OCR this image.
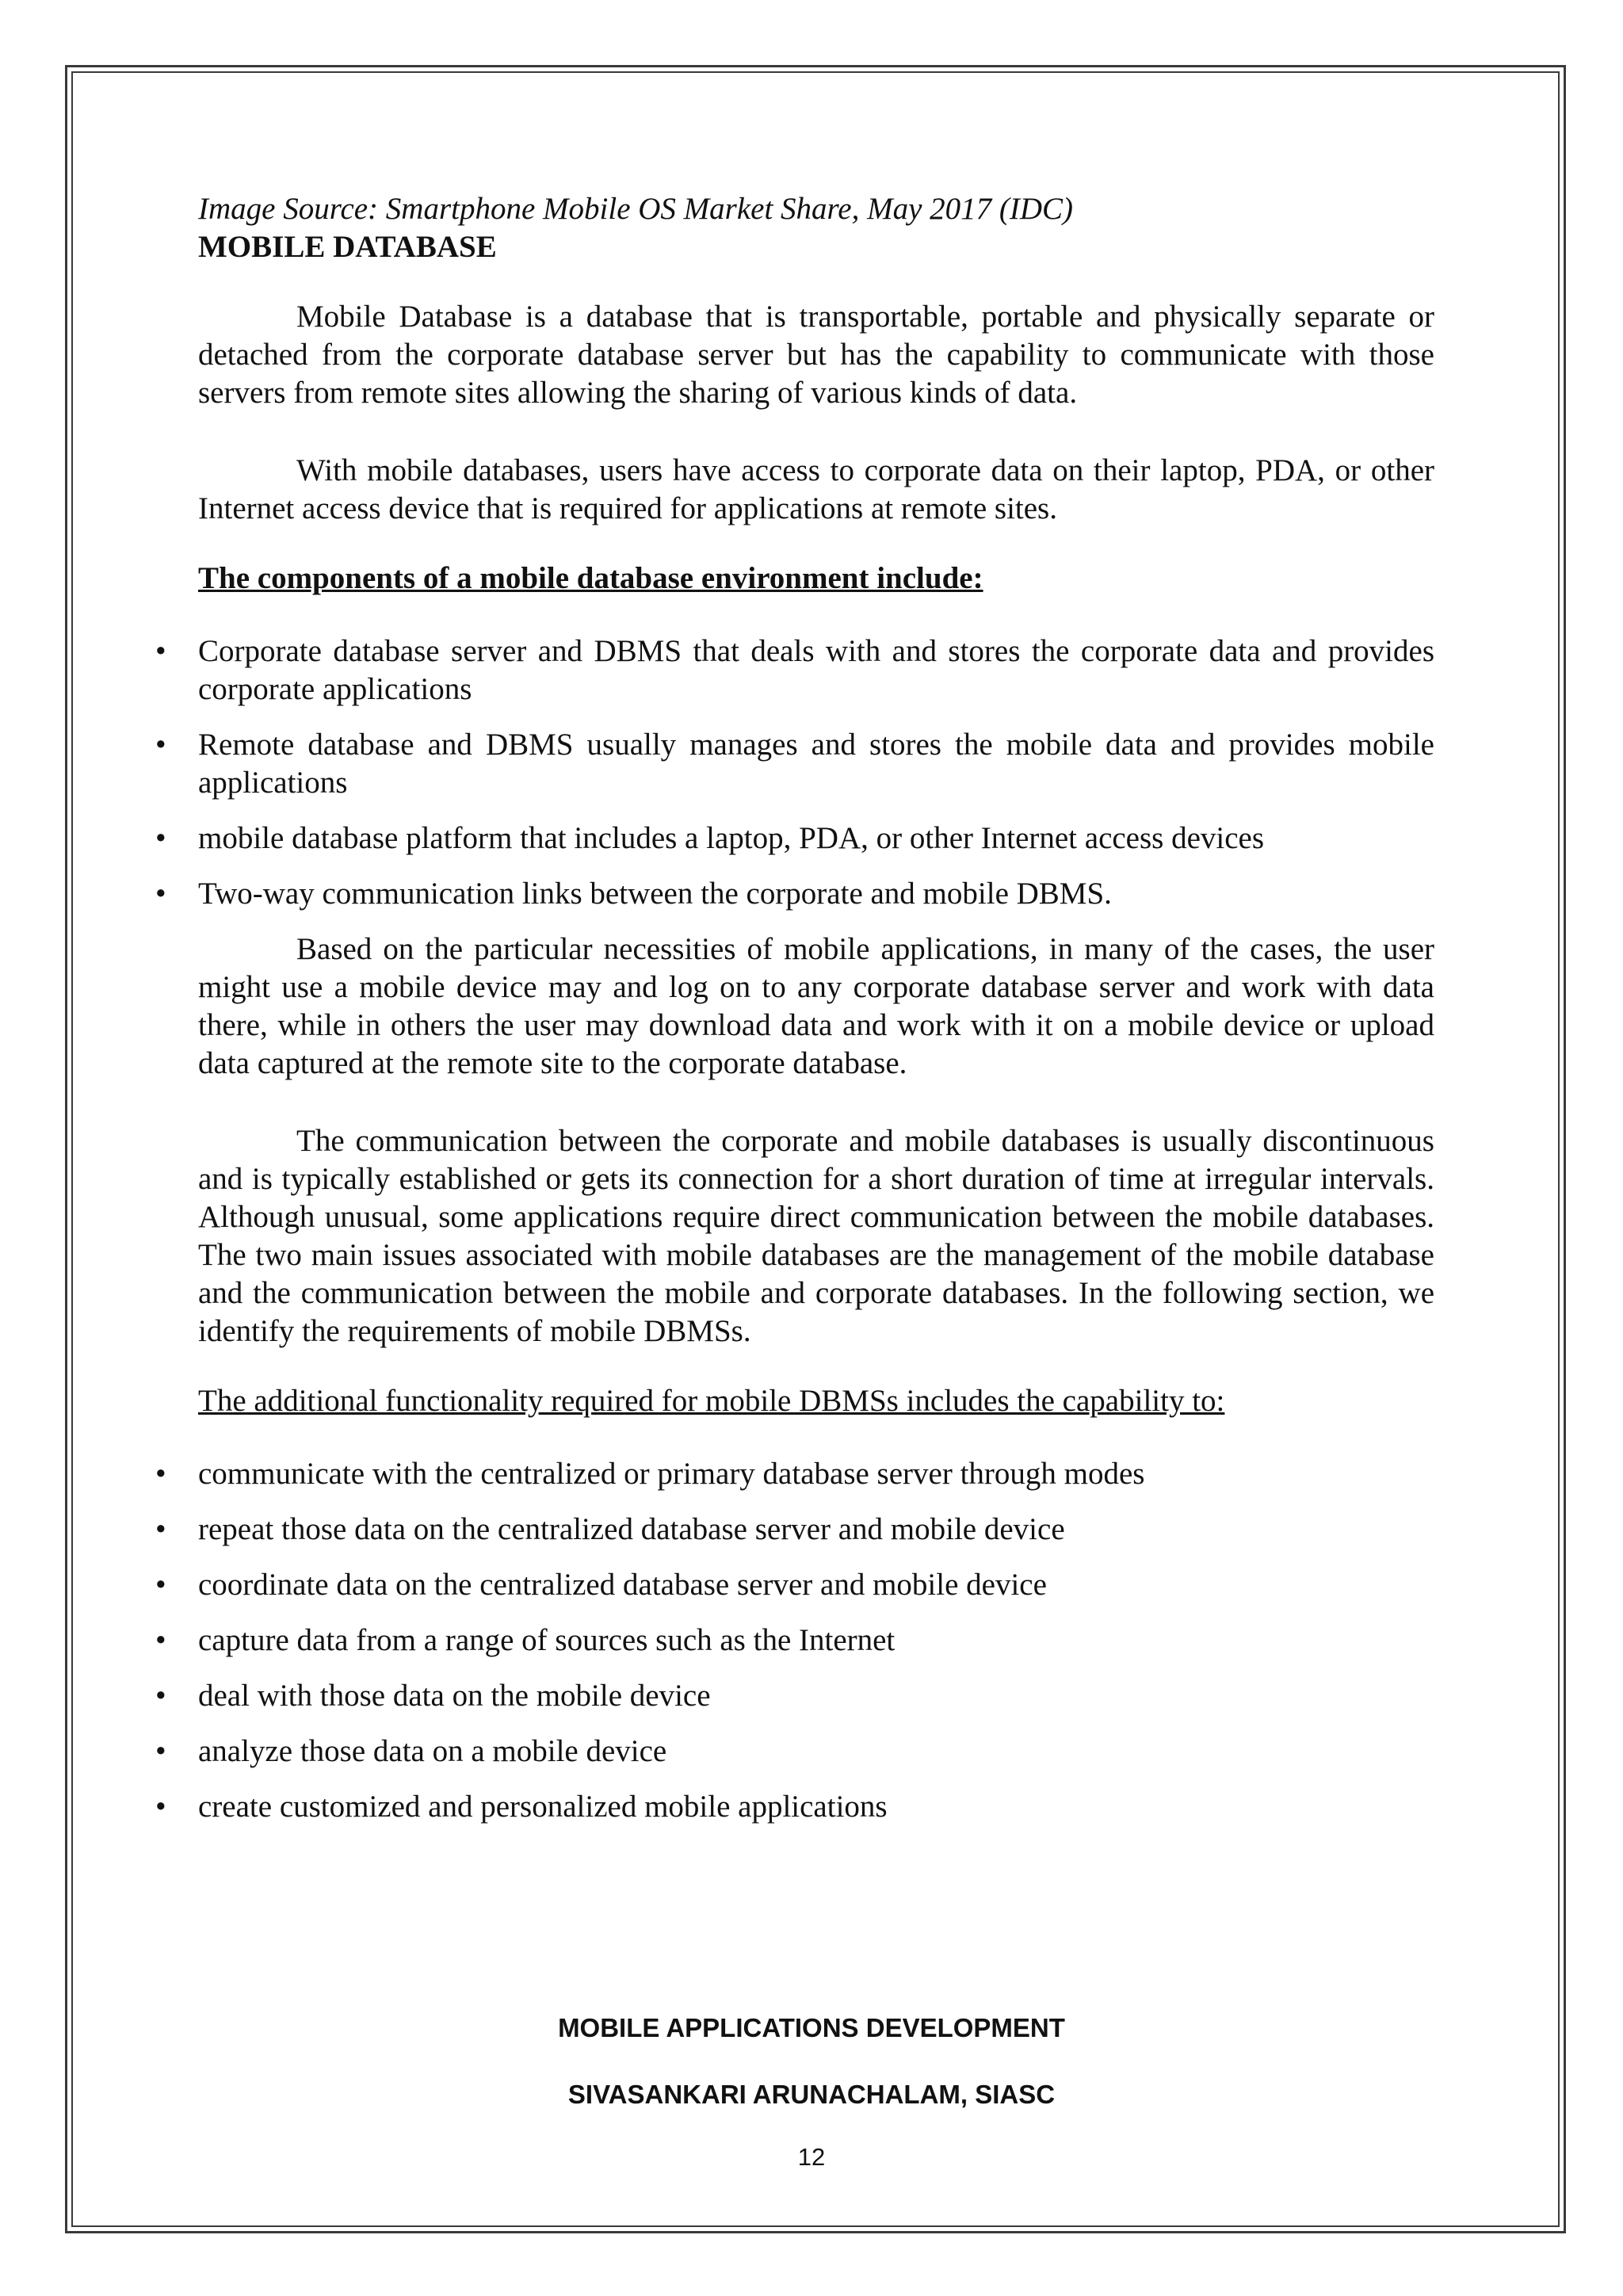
Image Source: Smartphone Mobile OS Market Share, May 2017 (IDC)

MOBILE DATABASE

Mobile Database is a database that is transportable, portable and physically separate or detached from the corporate database server but has the capability to communicate with those servers from remote sites allowing the sharing of various kinds of data.

With mobile databases, users have access to corporate data on their laptop, PDA, or other Internet access device that is required for applications at remote sites.

The components of a mobile database environment include:

• Corporate database server and DBMS that deals with and stores the corporate data and provides corporate applications
• Remote database and DBMS usually manages and stores the mobile data and provides mobile applications
• mobile database platform that includes a laptop, PDA, or other Internet access devices
• Two-way communication links between the corporate and mobile DBMS.

Based on the particular necessities of mobile applications, in many of the cases, the user might use a mobile device may and log on to any corporate database server and work with data there, while in others the user may download data and work with it on a mobile device or upload data captured at the remote site to the corporate database.

The communication between the corporate and mobile databases is usually discontinuous and is typically established or gets its connection for a short duration of time at irregular intervals. Although unusual, some applications require direct communication between the mobile databases. The two main issues associated with mobile databases are the management of the mobile database and the communication between the mobile and corporate databases. In the following section, we identify the requirements of mobile DBMSs.

The additional functionality required for mobile DBMSs includes the capability to:

• communicate with the centralized or primary database server through modes
• repeat those data on the centralized database server and mobile device
• coordinate data on the centralized database server and mobile device
• capture data from a range of sources such as the Internet
• deal with those data on the mobile device
• analyze those data on a mobile device
• create customized and personalized mobile applications
MOBILE APPLICATIONS DEVELOPMENT
SIVASANKARI ARUNACHALAM, SIASC
12
